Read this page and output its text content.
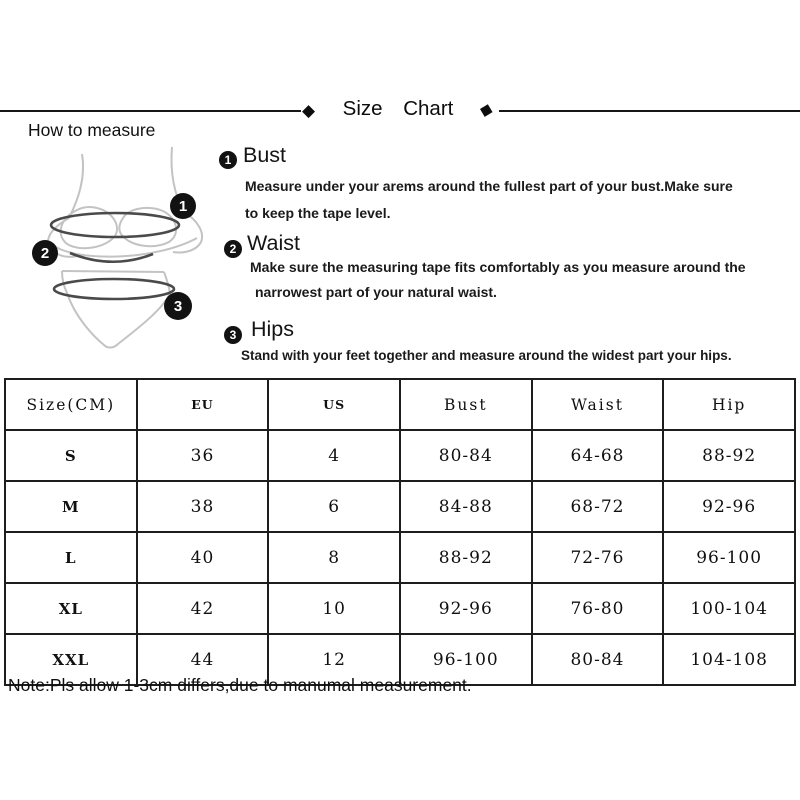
◆	Size Chart	◆
How to measure
1
2
3
1 Bust
Measure under your arems around the fullest part of your bust.Make sure
to keep the tape level.
2 Waist
Make sure the measuring tape fits comfortably as you measure around the
narrowest part of your natural waist.
3 Hips
Stand with your feet together and measure around the widest part your hips.
Size(CM)	EU	US	Bust	Waist	Hip
S	36	4	80-84	64-68	88-92
M	38	6	84-88	68-72	92-96
L	40	8	88-92	72-76	96-100
XL	42	10	92-96	76-80	100-104
XXL	44	12	96-100	80-84	104-108
Note:Pls allow 1-3cm differs,due to manumal measurement.
